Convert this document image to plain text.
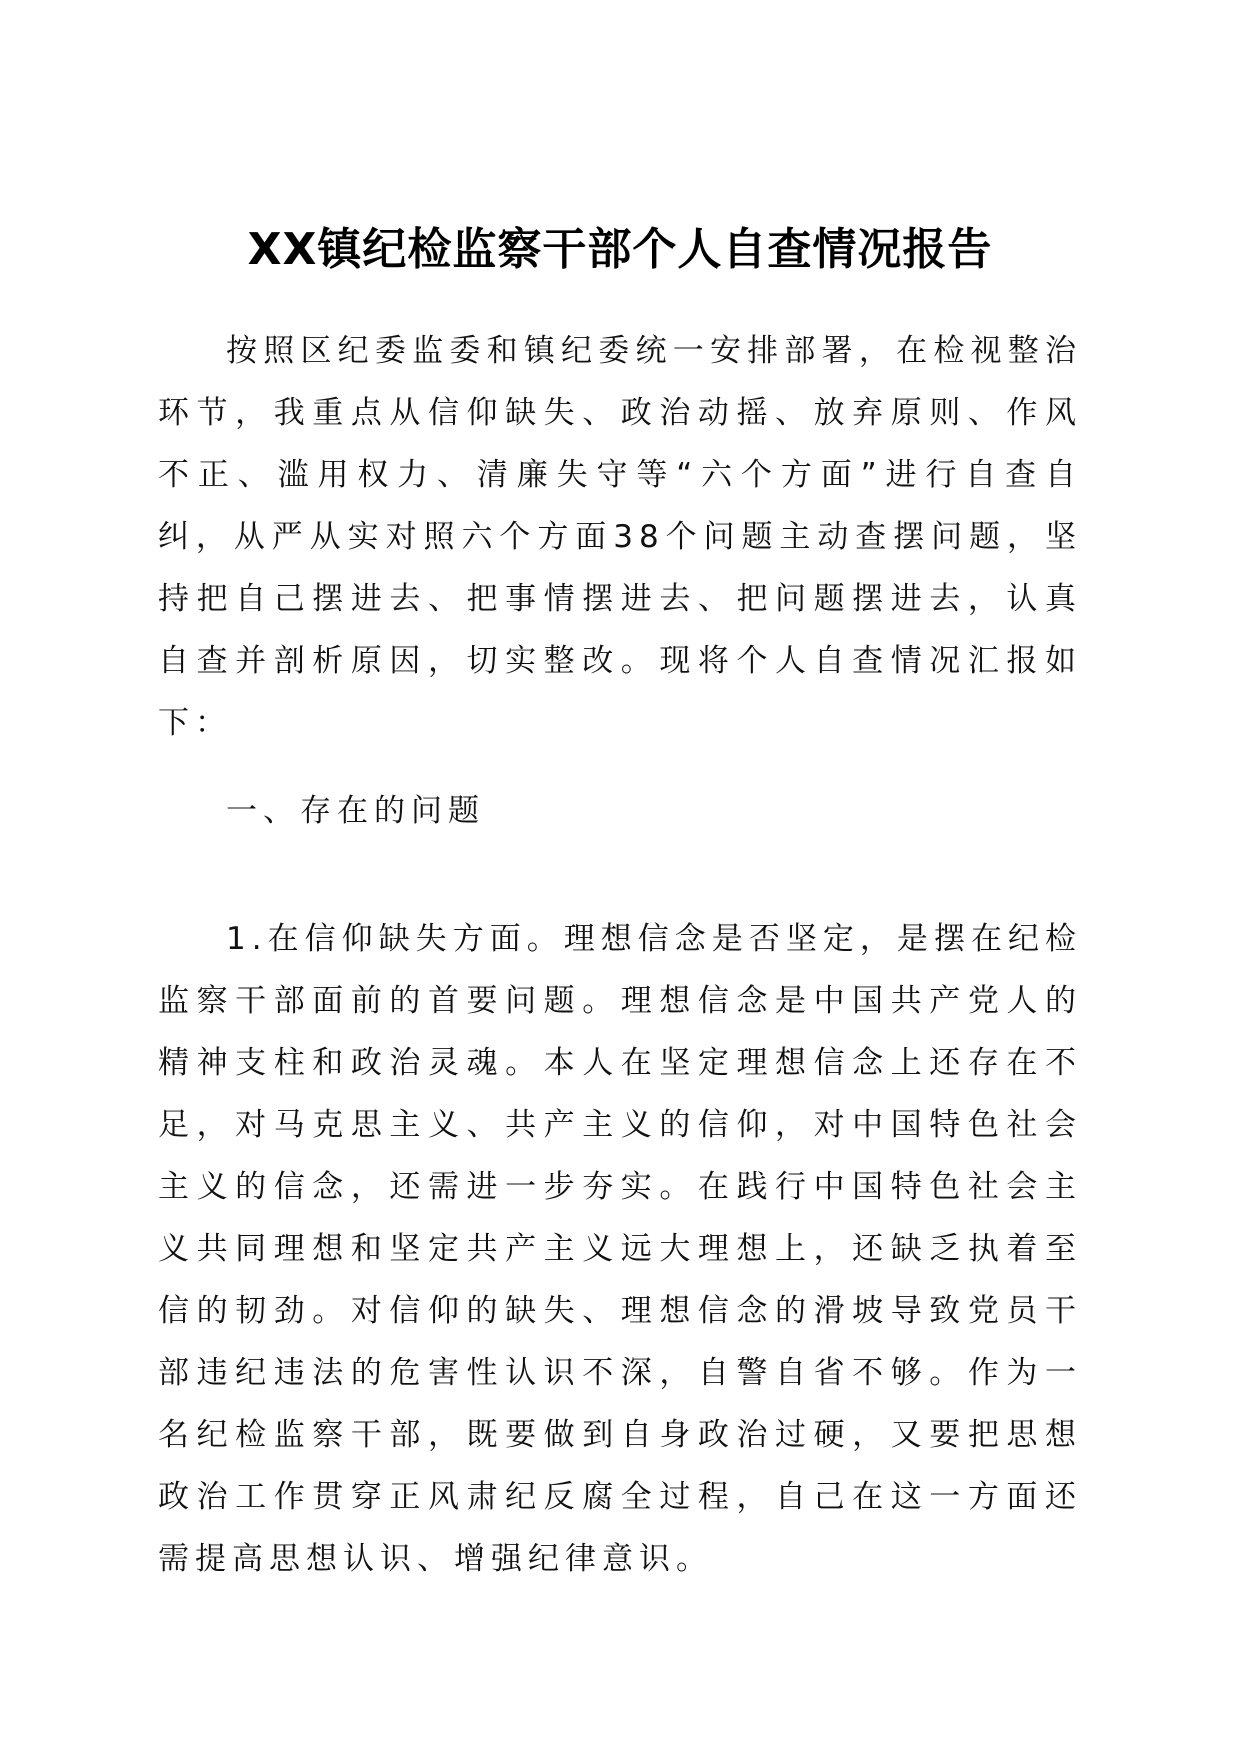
XX镇纪检监察干部个人自查情况报告

按照区纪委监委和镇纪委统一安排部署，在检视整治环节，我重点从信仰缺失、政治动摇、放弃原则、作风不正、滥用权力、清廉失守等“六个方面”进行自查自纠，从严从实对照六个方面38个问题主动查摆问题，坚持把自己摆进去、把事情摆进去、把问题摆进去，认真自查并剖析原因，切实整改。现将个人自查情况汇报如下：

一、存在的问题

1.在信仰缺失方面。理想信念是否坚定，是摆在纪检监察干部面前的首要问题。理想信念是中国共产党人的精神支柱和政治灵魂。本人在坚定理想信念上还存在不足，对马克思主义、共产主义的信仰，对中国特色社会主义的信念，还需进一步夯实。在践行中国特色社会主义共同理想和坚定共产主义远大理想上，还缺乏执着至信的韧劲。对信仰的缺失、理想信念的滑坡导致党员干部违纪违法的危害性认识不深，自警自省不够。作为一名纪检监察干部，既要做到自身政治过硬，又要把思想政治工作贯穿正风肃纪反腐全过程，自己在这一方面还需提高思想认识、增强纪律意识。
